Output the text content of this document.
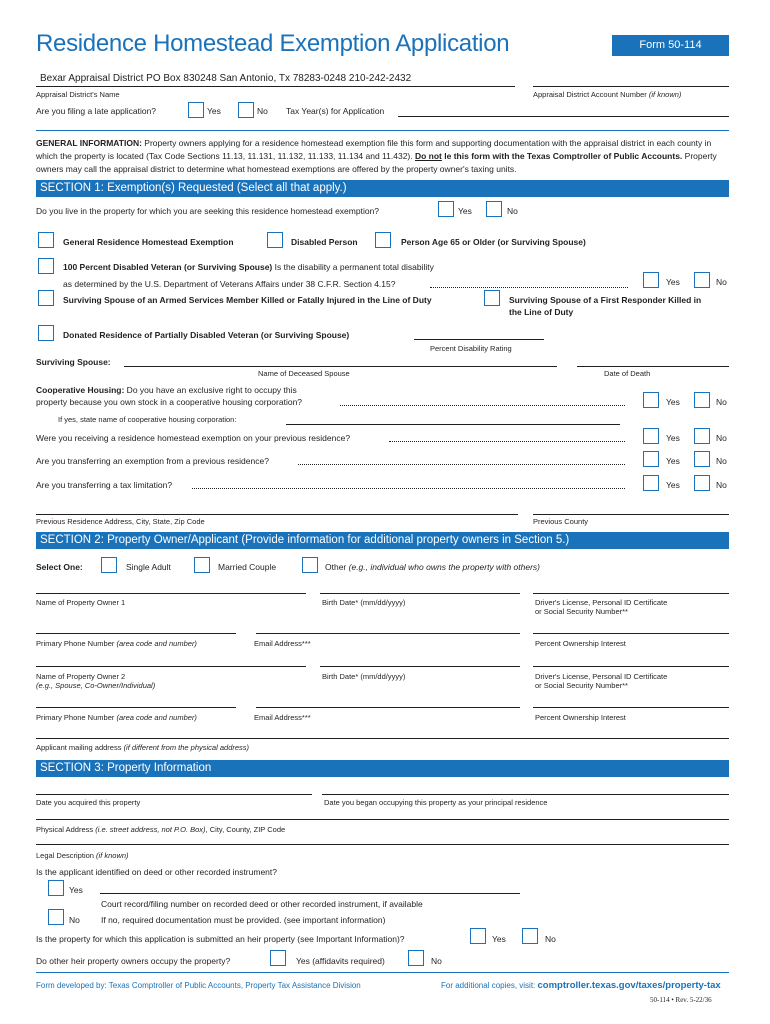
Residence Homestead Exemption Application	Form 50-114
Bexar Appraisal District PO Box 830248 San Antonio, Tx 78283-0248 210-242-2432
Appraisal District's Name	Appraisal District Account Number (if known)
Are you filing a late application?	Yes	No Tax Year(s) for Application
GENERAL INFORMATION: Property owners applying for a residence homestead exemption file this form and supporting documentation with the appraisal district in each county in which the property is located (Tax Code Sections 11.13, 11.131, 11.132, 11.133, 11.134 and 11.432). Do not le this form with the Texas Comptroller of Public Accounts. Property owners may call the appraisal district to determine what homestead exemptions are offered by the property owner's taxing units.
SECTION 1: Exemption(s) Requested (Select all that apply.)
Do you live in the property for which you are seeking this residence homestead exemption?	Yes	No
General Residence Homestead Exemption	Disabled Person	Person Age 65 or Older (or Surviving Spouse)
100 Percent Disabled Veteran (or Surviving Spouse) Is the disability a permanent total disability
as determined by the U.S. Department of Veterans Affairs under 38 C.F.R. Section 4.15?	Yes	No
Surviving Spouse of an Armed Services Member Killed or Fatally Injured in the Line of Duty	Surviving Spouse of a First Responder Killed in
the Line of Duty
Donated Residence of Partially Disabled Veteran (or Surviving Spouse)
Percent Disability Rating
Surviving Spouse:
Name of Deceased Spouse	Date of Death
Cooperative Housing: Do you have an exclusive right to occupy this
property because you own stock in a cooperative housing corporation?	Yes	No
If yes, state name of cooperative housing corporation:
Were you receiving a residence homestead exemption on your previous residence?	Yes	No
Are you transferring an exemption from a previous residence?	Yes	No
Are you transferring a tax limitation?	Yes	No
Previous Residence Address, City, State, Zip Code	Previous County
SECTION 2: Property Owner/Applicant (Provide information for additional property owners in Section 5.)
Select One:	Single Adult	Married Couple	Other (e.g., individual who owns the property with others)
Name of Property Owner 1	Birth Date* (mm/dd/yyyy)	Driver's License, Personal ID Certificate
or Social Security Number**
Primary Phone Number (area code and number)	Email Address***	Percent Ownership Interest
Name of Property Owner 2
(e.g., Spouse, Co-Owner/Individual)
Birth Date* (mm/dd/yyyy)	Driver's License, Personal ID Certificate
or Social Security Number**
Primary Phone Number (area code and number)	Email Address***	Percent Ownership Interest
Applicant mailing address (if different from the physical address)
SECTION 3: Property Information
Date you acquired this property	Date you began occupying this property as your principal residence
Physical Address (i.e. street address, not P.O. Box), City, County, ZIP Code
Legal Description (if known)
Is the applicant identified on deed or other recorded instrument?
Yes
Court record/filing number on recorded deed or other recorded instrument, if available
No If no, required documentation must be provided. (see important information)
Is the property for which this application is submitted an heir property (see Important Information)?	Yes	No
Do other heir property owners occupy the property?	Yes (affidavits required)	No
Form developed by: Texas Comptroller of Public Accounts, Property Tax Assistance Division	For additional copies, visit: comptroller.texas.gov/taxes/property-tax
50-114 • Rev. 5-22/36
